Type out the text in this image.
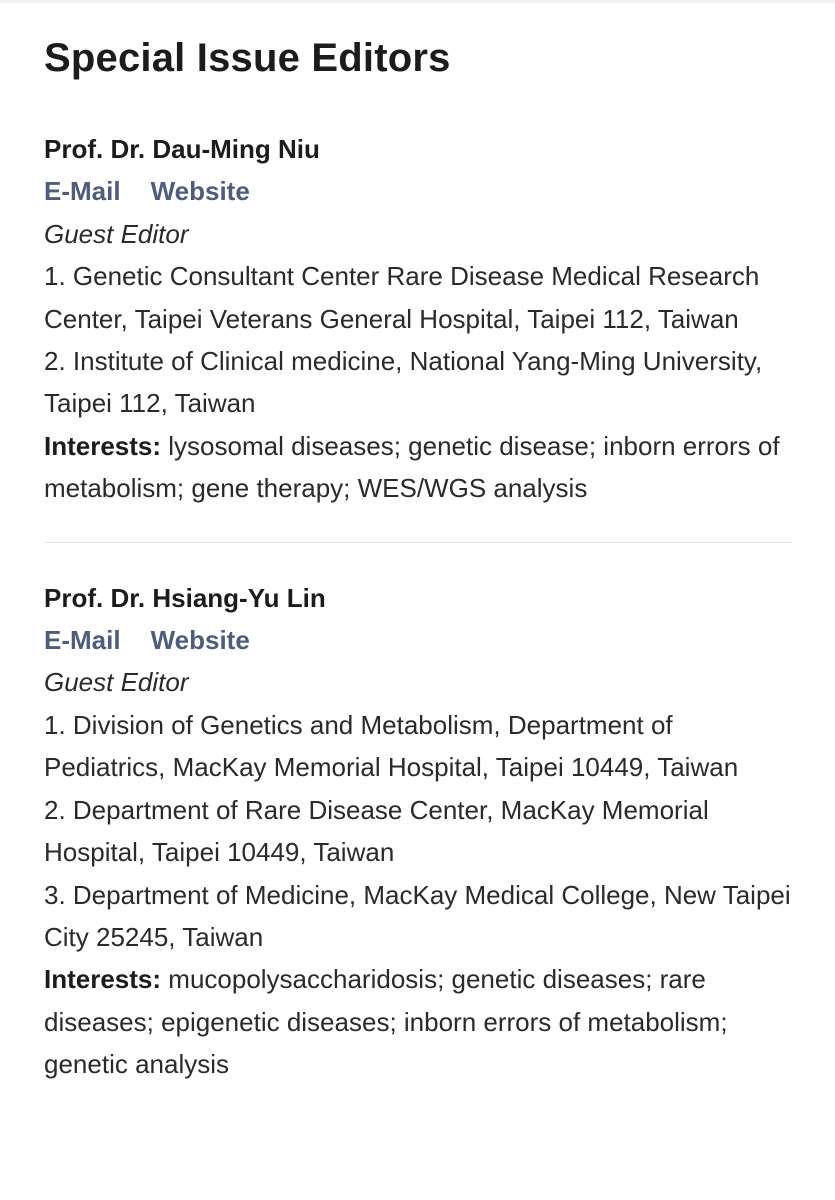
Special Issue Editors
Prof. Dr. Dau-Ming Niu
E-Mail Website
Guest Editor
1. Genetic Consultant Center Rare Disease Medical Research Center, Taipei Veterans General Hospital, Taipei 112, Taiwan
2. Institute of Clinical medicine, National Yang-Ming University, Taipei 112, Taiwan
Interests: lysosomal diseases; genetic disease; inborn errors of metabolism; gene therapy; WES/WGS analysis
Prof. Dr. Hsiang-Yu Lin
E-Mail Website
Guest Editor
1. Division of Genetics and Metabolism, Department of Pediatrics, MacKay Memorial Hospital, Taipei 10449, Taiwan
2. Department of Rare Disease Center, MacKay Memorial Hospital, Taipei 10449, Taiwan
3. Department of Medicine, MacKay Medical College, New Taipei City 25245, Taiwan
Interests: mucopolysaccharidosis; genetic diseases; rare diseases; epigenetic diseases; inborn errors of metabolism; genetic analysis
